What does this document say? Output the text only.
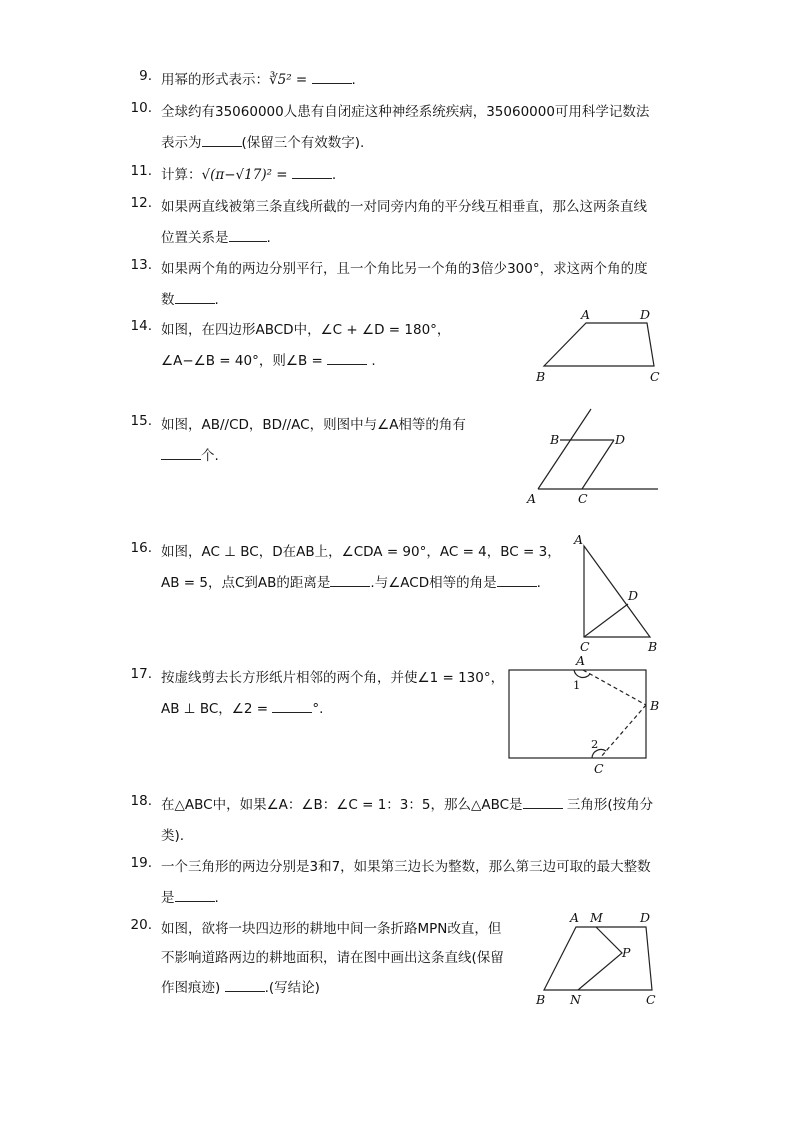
9. 用幂的形式表示：∛5² =	.
10. 全球约有35060000人患有自闭症这种神经系统疾病，35060000可用科学记数法
表示为	(保留三个有效数字).
11. 计算：√(π−√17)² =	.
12. 如果两直线被第三条直线所截的一对同旁内角的平分线互相垂直，那么这两条直线
位置关系是	.
13. 如果两个角的两边分别平行，且一个角比另一个角的3倍少300°，求这两个角的度
数	.
14. 如图，在四边形ABCD中，∠C + ∠D = 180°，
∠A−∠B = 40°，则∠B =	.
A	D
B	C
15. 如图，AB//CD，BD//AC，则图中与∠A相等的角有
个.
B	D
A	C
16. 如图，AC ⊥ BC，D在AB上，∠CDA = 90°，AC = 4，BC = 3，
AB = 5，点C到AB的距离是	.与∠ACD相等的角是	.
A
D
C	B
17. 按虚线剪去长方形纸片相邻的两个角，并使∠1 = 130°，
AB ⊥ BC，∠2 =	°.
A
1
B
2
C
18. 在△ABC中，如果∠A：∠B：∠C = 1：3：5，那么△ABC是	三角形(按角分
类).
19. 一个三角形的两边分别是3和7，如果第三边长为整数，那么第三边可取的最大整数
是	.
20. 如图，欲将一块四边形的耕地中间一条折路MPN改直，但
不影响道路两边的耕地面积，请在图中画出这条直线(保留
作图痕迹)	.(写结论)
A M	D
P
B N	C
